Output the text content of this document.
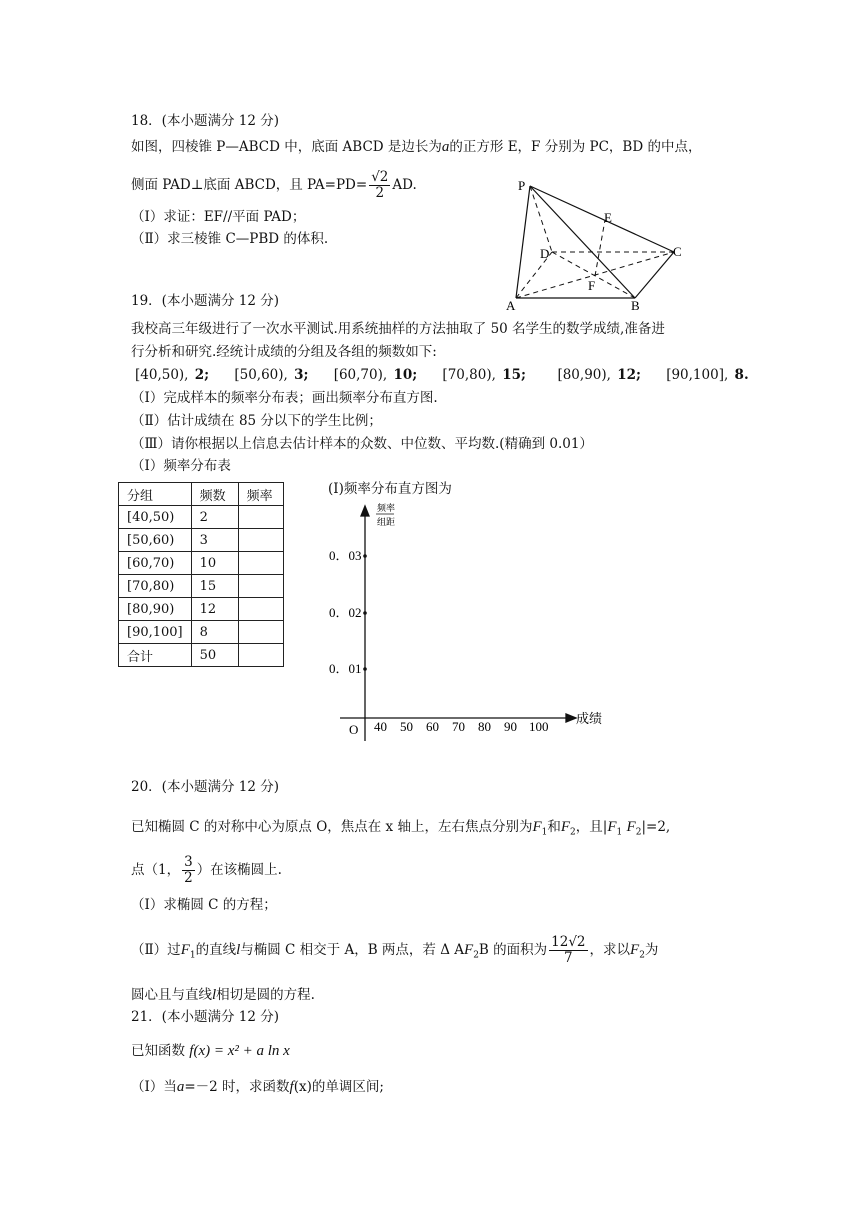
18．(本小题满分 12 分)
如图，四棱锥 P—ABCD 中，底面 ABCD 是边长为a的正方形 E，F 分别为 PC，BD 的中点，
侧面 PAD⊥底面 ABCD，且 $PA=PD= \frac{√2}{2}$ AD.
（Ⅰ）求证：EF//平面 PAD；
（Ⅱ）求三棱锥 C—PBD 的体积.
P
E
D	C
F
A	B
19．(本小题满分 12 分)
我校高三年级进行了一次水平测试.用系统抽样的方法抽取了 50 名学生的数学成绩,准备进
行分析和研究.经统计成绩的分组及各组的频数如下:
[40,50), 2; [50,60), 3; [60,70), 10; [70,80), 15; [80,90), 12; [90,100], 8.
（Ⅰ）完成样本的频率分布表；画出频率分布直方图.
（Ⅱ）估计成绩在 85 分以下的学生比例；
（Ⅲ）请你根据以上信息去估计样本的众数、中位数、平均数.(精确到 0.01）
（Ⅰ）频率分布表
分组	频数	频率
[40,50)	2	
[50,60)	3	
[60,70)	10	
[70,80)	15	
[80,90)	12	
[90,100]	8	
合计	50	
(Ⅰ)频率分布直方图为
频率
组距
0．03
0．02
0．01
O 40 50 60 70 80 90 100
成绩
20．(本小题满分 12 分)
已知椭圆 C 的对称中心为原点 O，焦点在 x 轴上，左右焦点分别为$F_1$和$F_2$，且$|F_1$ $F_2|=2$,
点（1， $\frac{3}{2}$ ）在该椭圆上.
（Ⅰ）求椭圆 C 的方程；
（Ⅱ）过$F_1$的直线l与椭圆 C 相交于 A，B 两点，若 Δ $AF_2B$ 的面积为 $\frac{12√2}{7}$ ，求以$F_2$为
圆心且与直线l相切是圆的方程.
21．(本小题满分 12 分)
已知函数 f(x) = x² + a ln x
（Ⅰ）当a=－2 时，求函数f(x)的单调区间;
